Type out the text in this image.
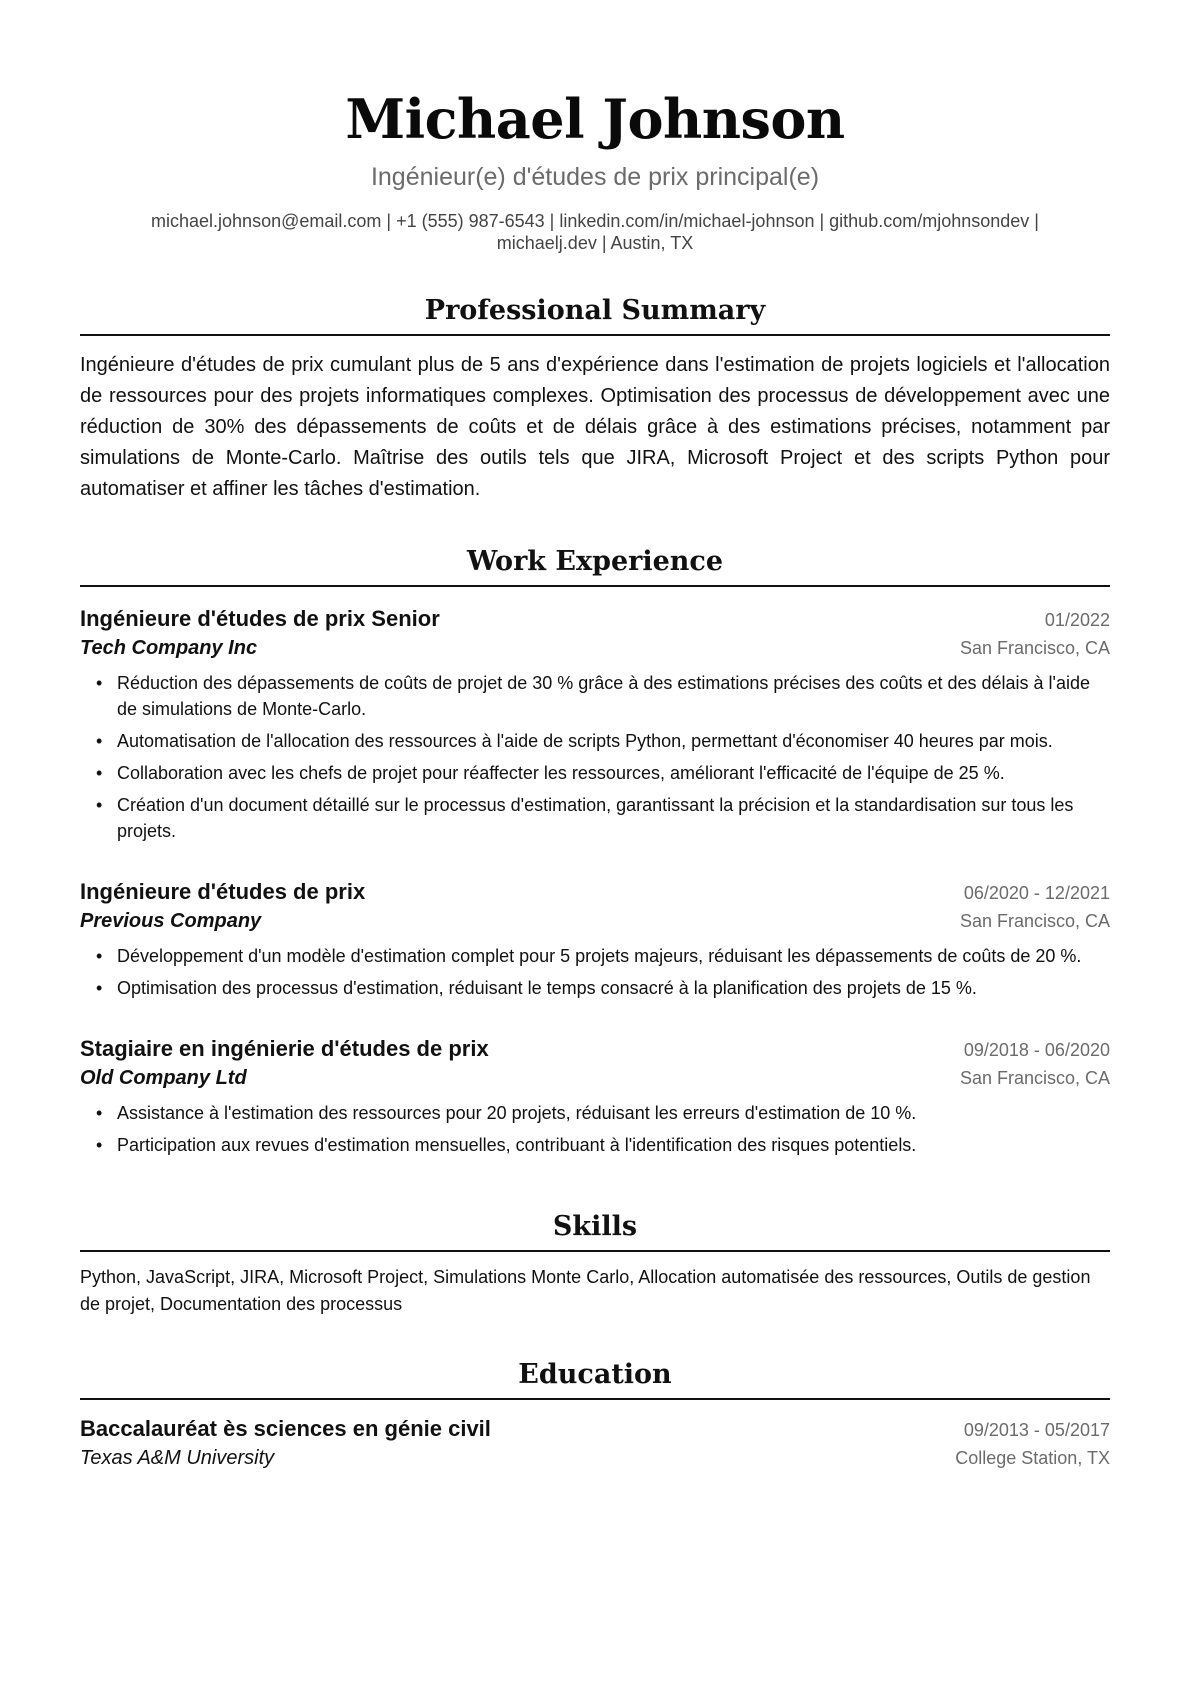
Michael Johnson
Ingénieur(e) d'études de prix principal(e)
michael.johnson@email.com | +1 (555) 987-6543 | linkedin.com/in/michael-johnson | github.com/mjohnsondev |
michaelj.dev | Austin, TX
Professional Summary

Ingénieure d'études de prix cumulant plus de 5 ans d'expérience dans l'estimation de projets logiciels et l'allocation de ressources pour des projets informatiques complexes. Optimisation des processus de développement avec une réduction de 30% des dépassements de coûts et de délais grâce à des estimations précises, notamment par simulations de Monte-Carlo. Maîtrise des outils tels que JIRA, Microsoft Project et des scripts Python pour automatiser et affiner les tâches d'estimation.

Work Experience
Ingénieure d'études de prix Senior	01/2022
Tech Company Inc	San Francisco, CA
• Réduction des dépassements de coûts de projet de 30 % grâce à des estimations précises des coûts et des délais à l'aide de simulations de Monte-Carlo.
• Automatisation de l'allocation des ressources à l'aide de scripts Python, permettant d'économiser 40 heures par mois.
• Collaboration avec les chefs de projet pour réaffecter les ressources, améliorant l'efficacité de l'équipe de 25 %.
• Création d'un document détaillé sur le processus d'estimation, garantissant la précision et la standardisation sur tous les projets.
Ingénieure d'études de prix	06/2020 - 12/2021
Previous Company	San Francisco, CA
• Développement d'un modèle d'estimation complet pour 5 projets majeurs, réduisant les dépassements de coûts de 20 %.
• Optimisation des processus d'estimation, réduisant le temps consacré à la planification des projets de 15 %.
Stagiaire en ingénierie d'études de prix	09/2018 - 06/2020
Old Company Ltd	San Francisco, CA
• Assistance à l'estimation des ressources pour 20 projets, réduisant les erreurs d'estimation de 10 %.
• Participation aux revues d'estimation mensuelles, contribuant à l'identification des risques potentiels.
Skills

Python, JavaScript, JIRA, Microsoft Project, Simulations Monte Carlo, Allocation automatisée des ressources, Outils de gestion de projet, Documentation des processus

Education
Baccalauréat ès sciences en génie civil	09/2013 - 05/2017
Texas A&M University	College Station, TX
